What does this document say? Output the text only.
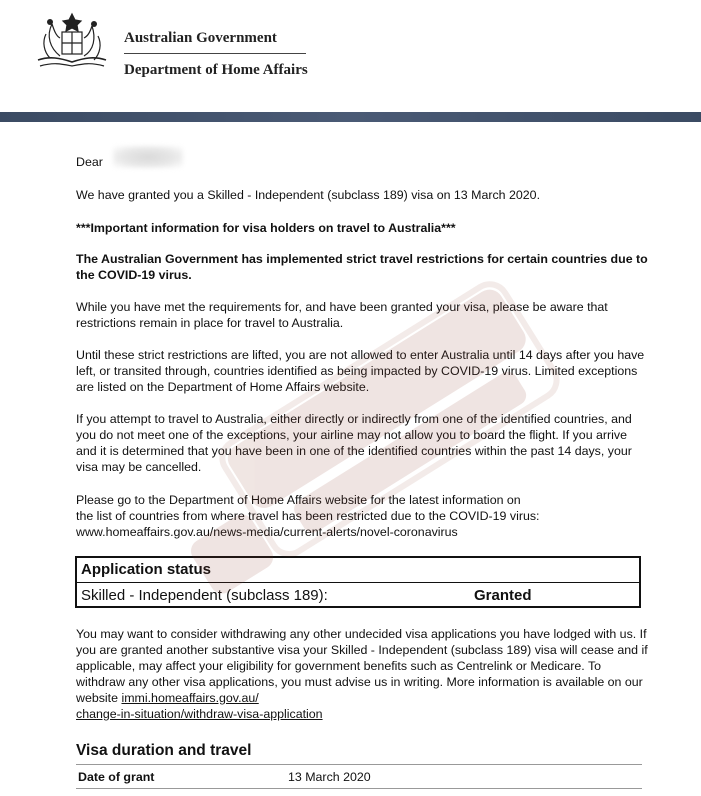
Australian Government
Department of Home Affairs
Dear

We have granted you a Skilled - Independent (subclass 189) visa on 13 March 2020.

***Important information for visa holders on travel to Australia***

The Australian Government has implemented strict travel restrictions for certain countries due to the COVID-19 virus.

While you have met the requirements for, and have been granted your visa, please be aware that restrictions remain in place for travel to Australia.

Until these strict restrictions are lifted, you are not allowed to enter Australia until 14 days after you have left, or transited through, countries identified as being impacted by COVID-19 virus. Limited exceptions are listed on the Department of Home Affairs website.

If you attempt to travel to Australia, either directly or indirectly from one of the identified countries, and you do not meet one of the exceptions, your airline may not allow you to board the flight. If you arrive and it is determined that you have been in one of the identified countries within the past 14 days, your visa may be cancelled.

Please go to the Department of Home Affairs website for the latest information on

the list of countries from where travel has been restricted due to the COVID-19 virus:

www.homeaffairs.gov.au/news-media/current-alerts/novel-coronavirus

Application status
Skilled - Independent (subclass 189):	Granted

You may want to consider withdrawing any other undecided visa applications you have lodged with us. If you are granted another substantive visa your Skilled - Independent (subclass 189) visa will cease and if applicable, may affect your eligibility for government benefits such as Centrelink or Medicare. To withdraw any other visa applications, you must advise us in writing. More information is available on our website immi.homeaffairs.gov.au/
change-in-situation/withdraw-visa-application

Visa duration and travel
Date of grant	13 March 2020
